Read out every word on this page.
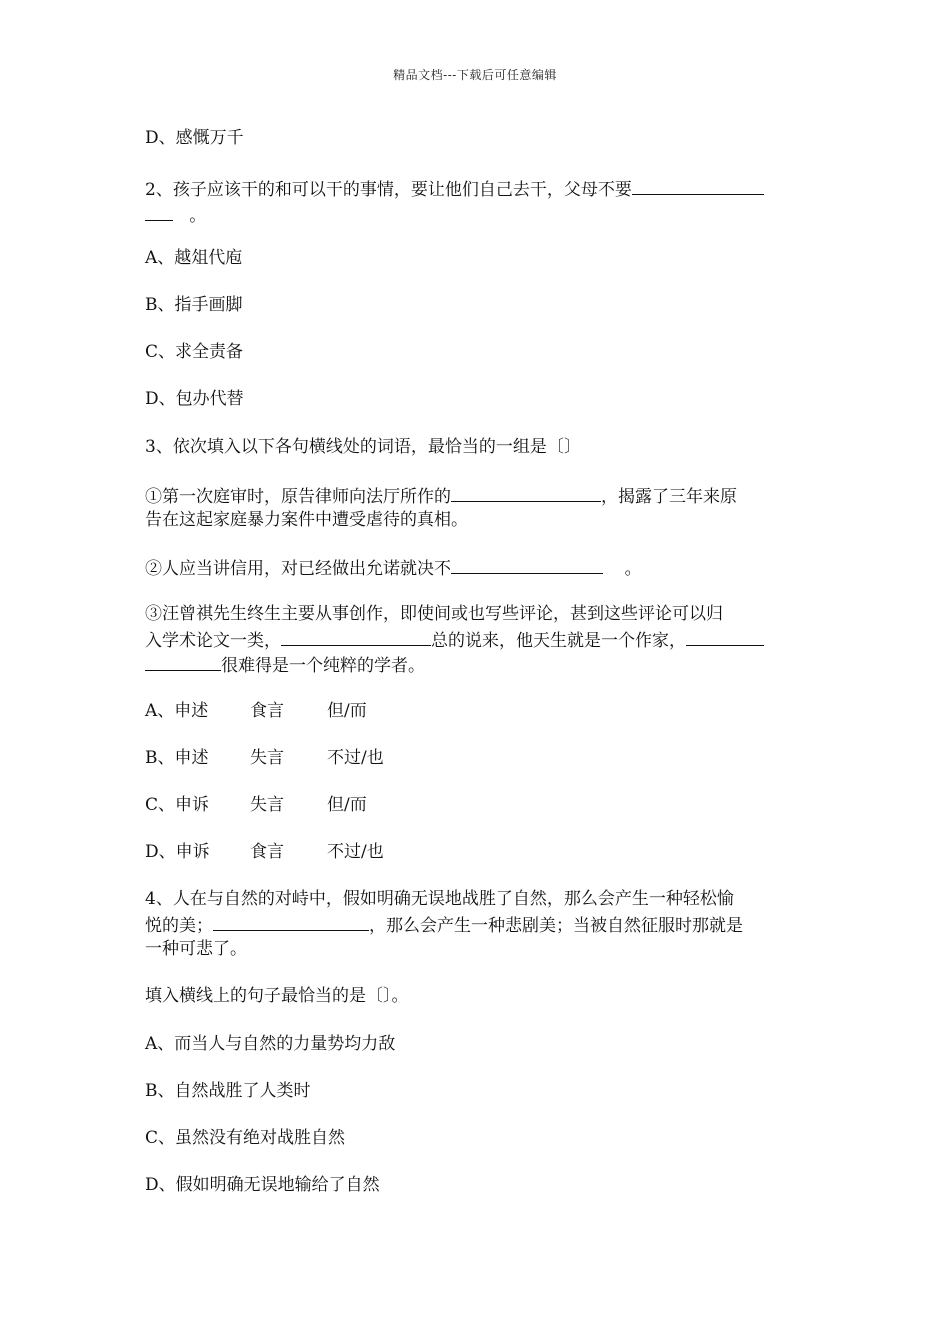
精品文档---下载后可任意编辑
D、感慨万千
2、孩子应该干的和可以干的事情，要让他们自己去干，父母不要
。
A、越俎代庖
B、指手画脚
C、求全责备
D、包办代替
3、依次填入以下各句横线处的词语，最恰当的一组是〔〕
①第一次庭审时，原告律师向法厅所作的	，揭露了三年来原
告在这起家庭暴力案件中遭受虐待的真相。
②人应当讲信用，对已经做出允诺就决不	。
③汪曾祺先生终生主要从事创作，即使间或也写些评论，甚到这些评论可以归
入学术论文一类，	总的说来，他天生就是一个作家，
很难得是一个纯粹的学者。
A、申述 食言	但/而
B、申述 失言	不过/也
C、申诉 失言	但/而
D、申诉 食言	不过/也
4、人在与自然的对峙中，假如明确无误地战胜了自然，那么会产生一种轻松愉
悦的美；	，那么会产生一种悲剧美；当被自然征服时那就是
一种可悲了。
填入横线上的句子最恰当的是〔〕。
A、而当人与自然的力量势均力敌
B、自然战胜了人类时
C、虽然没有绝对战胜自然
D、假如明确无误地输给了自然
